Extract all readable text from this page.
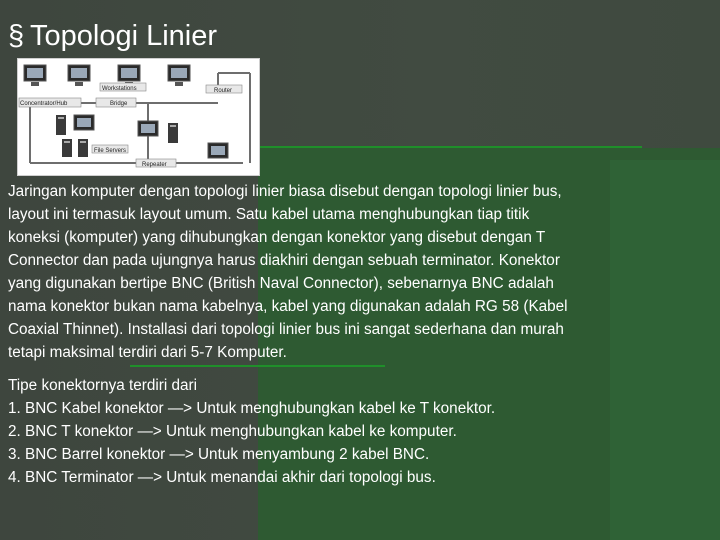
§ Topologi Linier
Workstations	Router
Concentrator/Hub	Bridge
File Servers
Repeater
Jaringan komputer dengan topologi linier biasa disebut dengan topologi linier bus,
layout ini termasuk layout umum. Satu kabel utama menghubungkan tiap titik
koneksi (komputer) yang dihubungkan dengan konektor yang disebut dengan T
Connector dan pada ujungnya harus diakhiri dengan sebuah terminator. Konektor
yang digunakan bertipe BNC (British Naval Connector), sebenarnya BNC adalah
nama konektor bukan nama kabelnya, kabel yang digunakan adalah RG 58 (Kabel
Coaxial Thinnet). Installasi dari topologi linier bus ini sangat sederhana dan murah
tetapi maksimal terdiri dari 5-7 Komputer.
Tipe konektornya terdiri dari
1. BNC Kabel konektor —> Untuk menghubungkan kabel ke T konektor.
2. BNC T konektor —> Untuk menghubungkan kabel ke komputer.
3. BNC Barrel konektor —> Untuk menyambung 2 kabel BNC.
4. BNC Terminator —> Untuk menandai akhir dari topologi bus.
